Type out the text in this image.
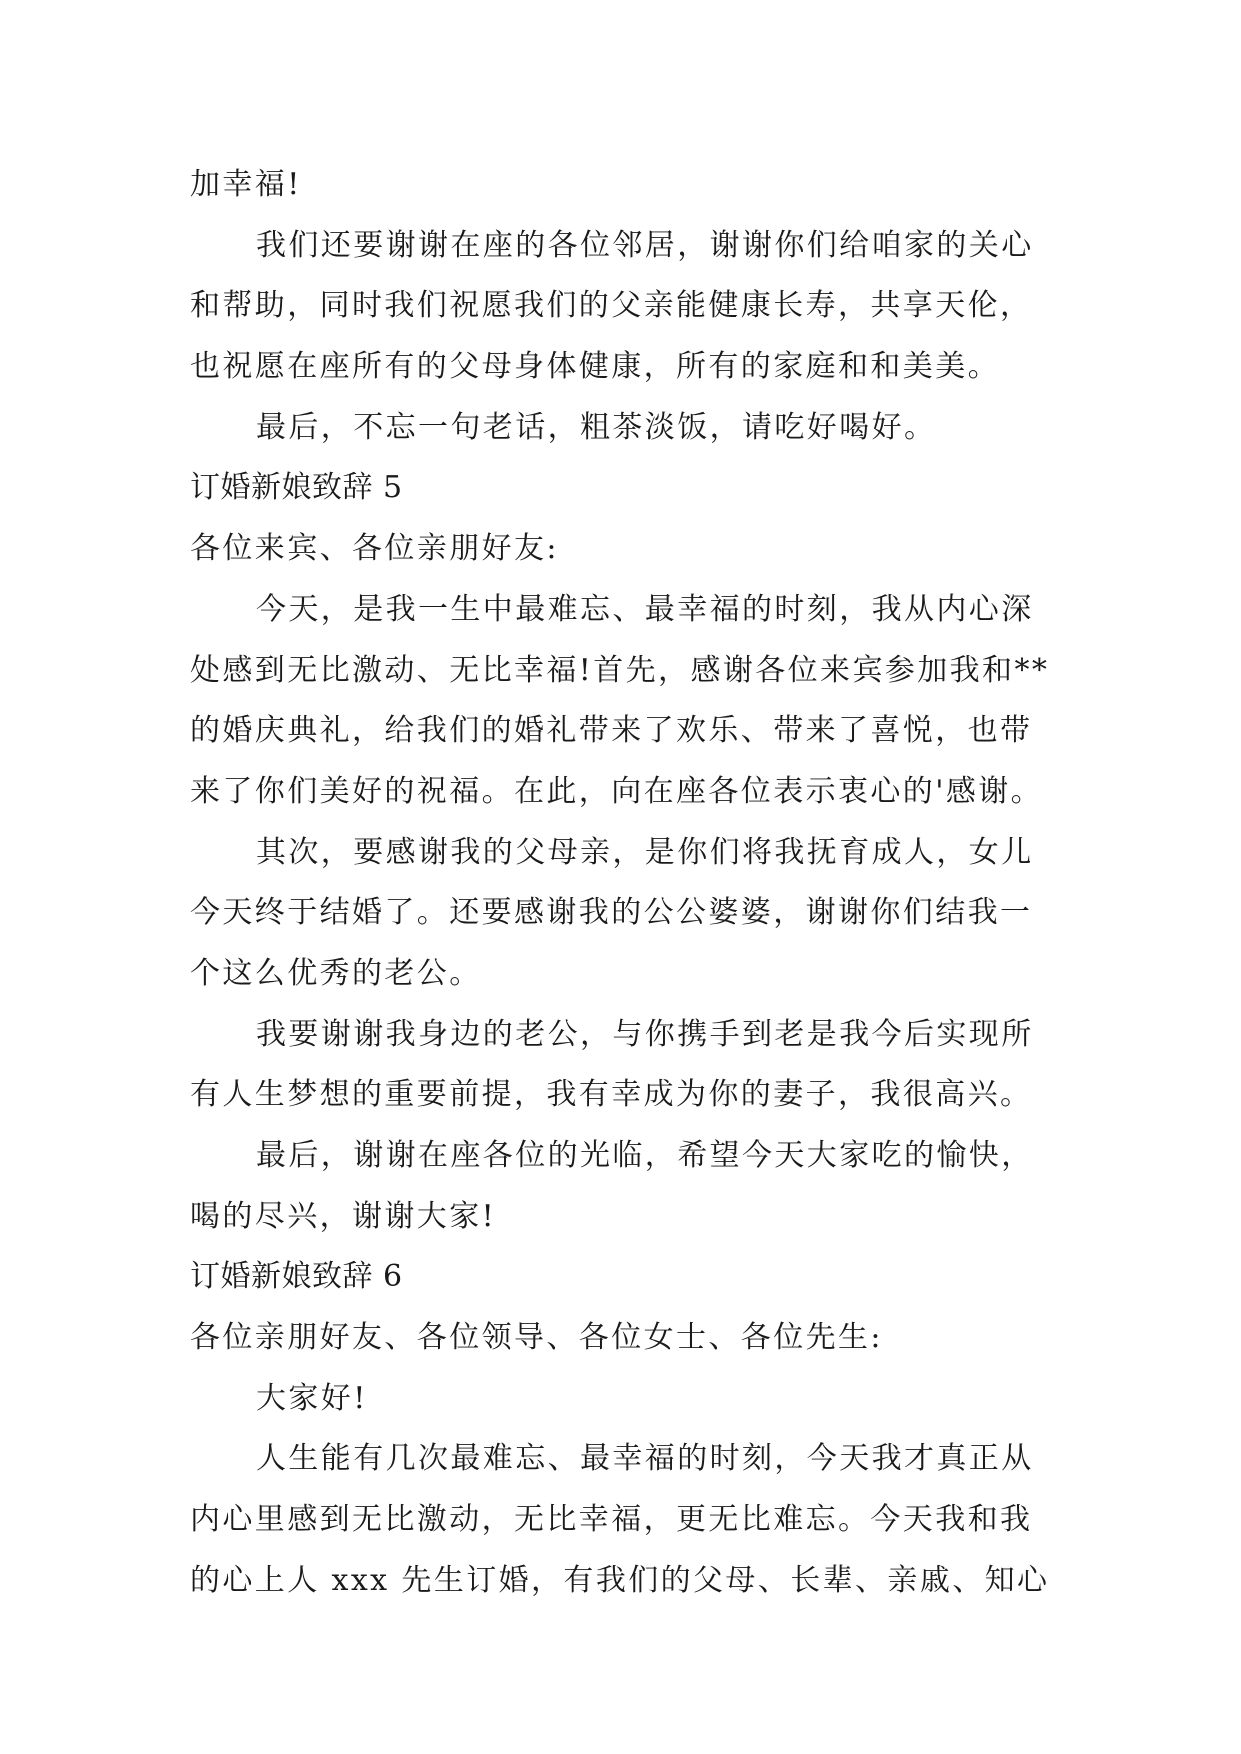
加幸福!
我们还要谢谢在座的各位邻居，谢谢你们给咱家的关心
和帮助，同时我们祝愿我们的父亲能健康长寿，共享天伦，
也祝愿在座所有的父母身体健康，所有的家庭和和美美。
最后，不忘一句老话，粗茶淡饭，请吃好喝好。
订婚新娘致辞 5
各位来宾、各位亲朋好友:
今天，是我一生中最难忘、最幸福的时刻，我从内心深
处感到无比激动、无比幸福!首先，感谢各位来宾参加我和**
的婚庆典礼，给我们的婚礼带来了欢乐、带来了喜悦，也带
来了你们美好的祝福。在此，向在座各位表示衷心的'感谢。
其次，要感谢我的父母亲，是你们将我抚育成人，女儿
今天终于结婚了。还要感谢我的公公婆婆，谢谢你们结我一
个这么优秀的老公。
我要谢谢我身边的老公，与你携手到老是我今后实现所
有人生梦想的重要前提，我有幸成为你的妻子，我很高兴。
最后，谢谢在座各位的光临，希望今天大家吃的愉快，
喝的尽兴，谢谢大家!
订婚新娘致辞 6
各位亲朋好友、各位领导、各位女士、各位先生:
大家好!
人生能有几次最难忘、最幸福的时刻，今天我才真正从
内心里感到无比激动，无比幸福，更无比难忘。今天我和我
的心上人 xxx 先生订婚，有我们的父母、长辈、亲戚、知心
